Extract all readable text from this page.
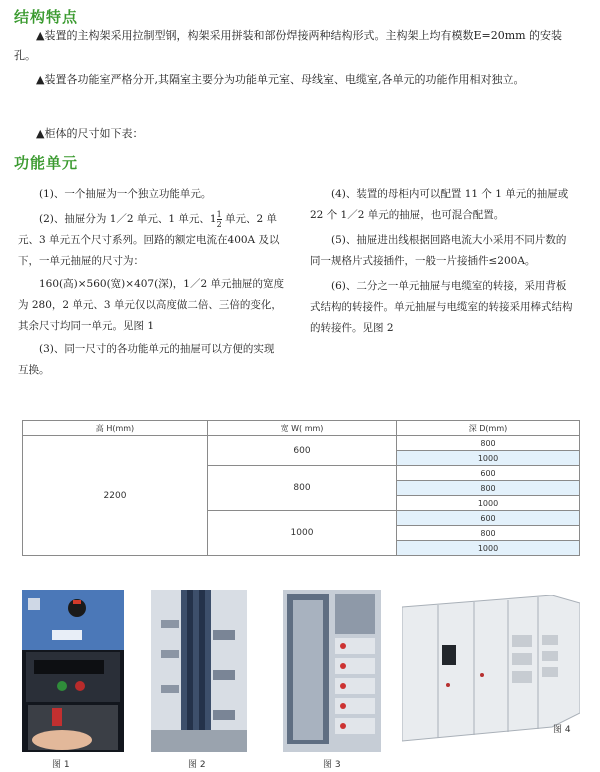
结构特点

▲装置的主构架采用拉制型钢，构架采用拼装和部份焊接两种结构形式。主构架上均有模数E=20mm 的安装孔。

▲装置各功能室严格分开,其隔室主要分为功能单元室、母线室、电缆室,各单元的功能作用相对独立。

▲柜体的尺寸如下表：

功能单元

(1)、一个抽屉为一个独立功能单元。

(2)、抽屉分为 1／2 单元、1 单元、$1 \frac{1}{2}$ 单元、2 单元、3 单元五个尺寸系列。回路的额定电流在400A 及以下，一单元抽屉的尺寸为：

160(高)×560(宽)×407(深)，1／2 单元抽屉的宽度为 280，2 单元、3 单元仅以高度做二倍、三倍的变化，其余尺寸均同一单元。见图 1

(3)、同一尺寸的各功能单元的抽屉可以方便的实现互换。

(4)、装置的母柜内可以配置 11 个 1 单元的抽屉或 22 个 1／2 单元的抽屉，也可混合配置。

(5)、抽屉进出线根据回路电流大小采用不同片数的同一规格片式接插件，一般一片接插件≤200A。

(6)、二分之一单元抽屉与电缆室的转接，采用背板式结构的转接件。单元抽屉与电缆室的转接采用棒式结构的转接件。见图 2

高 H(mm)	宽 W( mm)	深 D(mm)
2200	600	800
		1000
	800	600
		800
		1000
	1000	600
		800
		1000
图 1	图 2	图 3
图 4
